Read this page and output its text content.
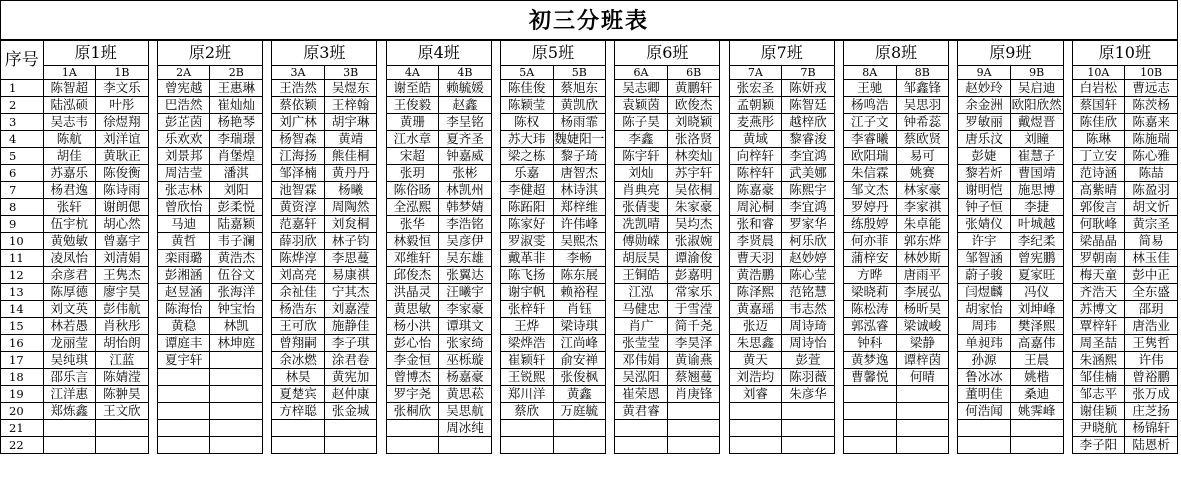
初三分班表
序号	原1班			原2班			原3班			原4班			原5班			原6班			原7班			原8班			原9班			原10班	
	1A	1B		2A	2B		3A	3B		4A	4B		5A	5B		6A	6B		7A	7B		8A	8B		9A	9B		10A	10B
1	陈智超	李文乐		曾宪越	王惠琳		王浩然	吴煜东		谢至皓	赖毓媛		陈佳俊	蔡旭东		吴志卿	黄鹏轩		张宏圣	陈妍戎		王驰	邹鑫锋		赵妙玲	吴启迪		白岩松	曹远志
2	陆泓硕	叶彤		巴浩然	崔灿灿		蔡依颖	王梓翰		王俊毅	赵鑫		陈颖莹	黄凯欣		袁颖茵	欧俊杰		孟朝颖	陈智廷		杨鸣浩	吴思羽		余金洲	欧阳欣然		蔡国轩	陈茨杨
3	吴志韦	徐煜翔		彭芷茵	杨艳琴		刘广林	胡宇琳		黄珊	李呈铭		陈权	杨雨霏		陈子昊	刘晓颖		麦燕彤	越梓欣		江子文	钟希蕊		罗敏丽	戴煜晋		陈佳欣	陈嘉来
4	陈航	刘洋谊		乐欢欢	李瑞璟		杨智森	黄靖		江水章	夏齐圣		苏大玮	魏婕阳一		李鑫	张洛贤		黄域	黎睿浚		李睿曦	蔡欧贤		唐乐汶	刘瞳		陈琳	陈施瑞
5	胡佳	黄耿正		刘景邦	肖堡煌		江海扬	熊佳桐		宋超	钟嘉威		梁之栋	黎子琦		陈宇轩	林奕灿		向梓轩	李宜鸿		欧阳瑞	易可		彭婕	崔慧子		丁立安	陈心雅
6	苏嘉乐	陈俊衡		周洁莹	潘淇		邹泽楠	黄丹丹		张玥	张彬		乐嘉	唐智杰		刘灿	苏宇轩		陈梓轩	武美娜		朱信霖	姚赛		黎若炘	曹国靖		范诗涵	陈喆
7	杨君逸	陈诗雨		张志林	刘阳		池智霖	杨曦		陈俗旸	林凯州		李健超	林诗淇		肖典亮	吴依桐		陈嘉豪	陈熙宇		邹文杰	林家豪		谢明恺	施思博		高紫晴	陈盈羽
8	张轩	谢朗偲		曾欣怡	彭柔悦		黄资淳	周陶然		全泓熙	韩梦婧		陈跖阳	郑梓维		张倩斐	朱家豪		周沁桐	李宜鸿		罗婷丹	李家祺		钟子恒	李捷		郭俊言	胡文忻
9	伍宇杭	胡心然		马迪	陆嘉颖		范嘉轩	刘炱桐		张华	李浩铭		陈家好	许伟峰		冼凯晴	吴均杰		张和睿	罗家华		练殷婷	朱卓能		张婧仪	叶城越		何耿峰	黄宗圣
10	黄勉敏	曾嘉宇		黄哲	韦子澜		薛羽欣	林子钧		林毅恒	吴彦伊		罗淑雯	吴熙杰		傅勋嵘	张淑婉		李贤晨	柯乐欣		何亦菲	郭东烨		许宇	李纪柔		梁晶晶	简易
11	凌凤怡	刘清娟		栾雨璐	黄浩杰		陈烨淳	李思蔓		邓维轩	吴东雄		戴革非	李畅		胡辰昊	谭渝俊		曹天羽	赵妙婷		蒲梓安	林妙斯		邹智涵	曾宪鹏		罗朝南	林玉佳
12	余彦君	王隽杰		彭湘涵	伍谷文		刘高亮	易康祺		邱俊杰	张翼达		陈飞扬	陈东展		王铜皓	彭嘉明		黄浩鹏	陈心莹		方晔	唐雨平		蔚子骏	夏家旺		梅天童	彭中正
13	陈厚德	廖宇昊		赵昱涵	张海洋		余祉佳	宁其杰		洪晶灵	汪曦宇		谢宇帆	赖裕程		江泓	常家乐		陈泽熙	范铭慧		梁晓莉	李展弘		闫煜麟	冯仪		齐浩天	全东盛
14	刘文英	彭伟航		陈海怡	钟宝怡		杨浩东	刘嘉滢		黄思敏	李家豪		张梓轩	肖钰		马健忠	于雪滢		黄嘉瑶	韦志然		陈松涛	杨昕昊		胡家怡	刘坤峰		苏博文	邵玥
15	林若愚	肖秋彤		黄稳	林凯		王可欣	施静佳		杨小洪	谭琪文		王烨	梁诗琪		肖广	简千尧		张迈	周诗琦		郭泓睿	梁诚峻		周玮	樊泽熙		覃梓轩	唐浩业
16	龙丽莹	胡怡朗		谭庭丰	林坤庭		曾翔嗣	李子琪		彭心怡	张家绮		梁烨浩	江尚峰		张莹莹	李昊泽		朱思鑫	周诗怡		钟科	梁静		单昶玮	高嘉伟		周圣喆	王隽哲
17	吴纯琪	江蓝		夏宇轩			余冰燃	涂君卷		李金恒	巫栎璇		崔颖轩	俞安禅		邓伟娟	黄谕燕		黄天	彭萱		黄梦逸	谭梓茵		孙源	王晨		朱涵熙	许伟
18	邵乐言	陈婧滢					林昊	黄宪加		曾博杰	杨嘉豪		王锐熙	张俊枫		吴泓阳	蔡翘蔓		刘浩均	陈羽薇		曹馨悦	何晴		鲁冰冰	姚楷		邹佳楠	曾裕鹏
19	江洋惠	陈翀昊					夏楚宾	赵仲康		罗宇尧	黄思菘		郑川洋	黄鑫		崔荣恩	肖庚锋		刘睿	朱彦华					董明佳	桑迪		邹志平	张万成
20	郑炼鑫	王文欣					方梓聪	张金城		张桐欣	吴思航		蔡欣	万庭毓		黄君睿									何浩闻	姚霁峰		谢佳颖	庄芝扬
21											周冰纯																	尹晓航	杨锦轩
22																												李子阳	陆恩析
